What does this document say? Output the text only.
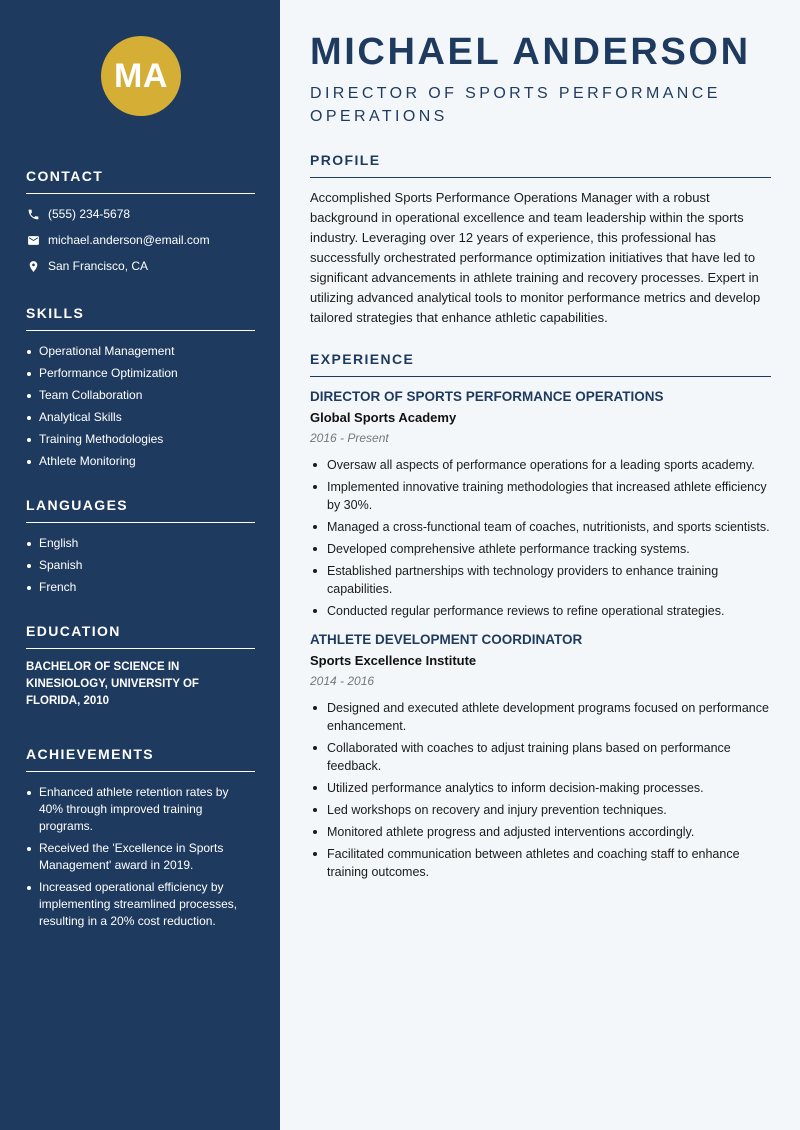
MA
CONTACT
(555) 234-5678
michael.anderson@email.com
San Francisco, CA
SKILLS
Operational Management
Performance Optimization
Team Collaboration
Analytical Skills
Training Methodologies
Athlete Monitoring
LANGUAGES
English
Spanish
French
EDUCATION

BACHELOR OF SCIENCE IN KINESIOLOGY, UNIVERSITY OF FLORIDA, 2010

ACHIEVEMENTS
Enhanced athlete retention rates by 40% through improved training programs.
Received the 'Excellence in Sports Management' award in 2019.
Increased operational efficiency by implementing streamlined processes, resulting in a 20% cost reduction.
MICHAEL ANDERSON
DIRECTOR OF SPORTS PERFORMANCE OPERATIONS
PROFILE

Accomplished Sports Performance Operations Manager with a robust background in operational excellence and team leadership within the sports industry. Leveraging over 12 years of experience, this professional has successfully orchestrated performance optimization initiatives that have led to significant advancements in athlete training and recovery processes. Expert in utilizing advanced analytical tools to monitor performance metrics and develop tailored strategies that enhance athletic capabilities.

EXPERIENCE
DIRECTOR OF SPORTS PERFORMANCE OPERATIONS
Global Sports Academy
2016 - Present
Oversaw all aspects of performance operations for a leading sports academy.
Implemented innovative training methodologies that increased athlete efficiency by 30%.
Managed a cross-functional team of coaches, nutritionists, and sports scientists.
Developed comprehensive athlete performance tracking systems.
Established partnerships with technology providers to enhance training capabilities.
Conducted regular performance reviews to refine operational strategies.
ATHLETE DEVELOPMENT COORDINATOR
Sports Excellence Institute
2014 - 2016
Designed and executed athlete development programs focused on performance enhancement.
Collaborated with coaches to adjust training plans based on performance feedback.
Utilized performance analytics to inform decision-making processes.
Led workshops on recovery and injury prevention techniques.
Monitored athlete progress and adjusted interventions accordingly.
Facilitated communication between athletes and coaching staff to enhance training outcomes.
